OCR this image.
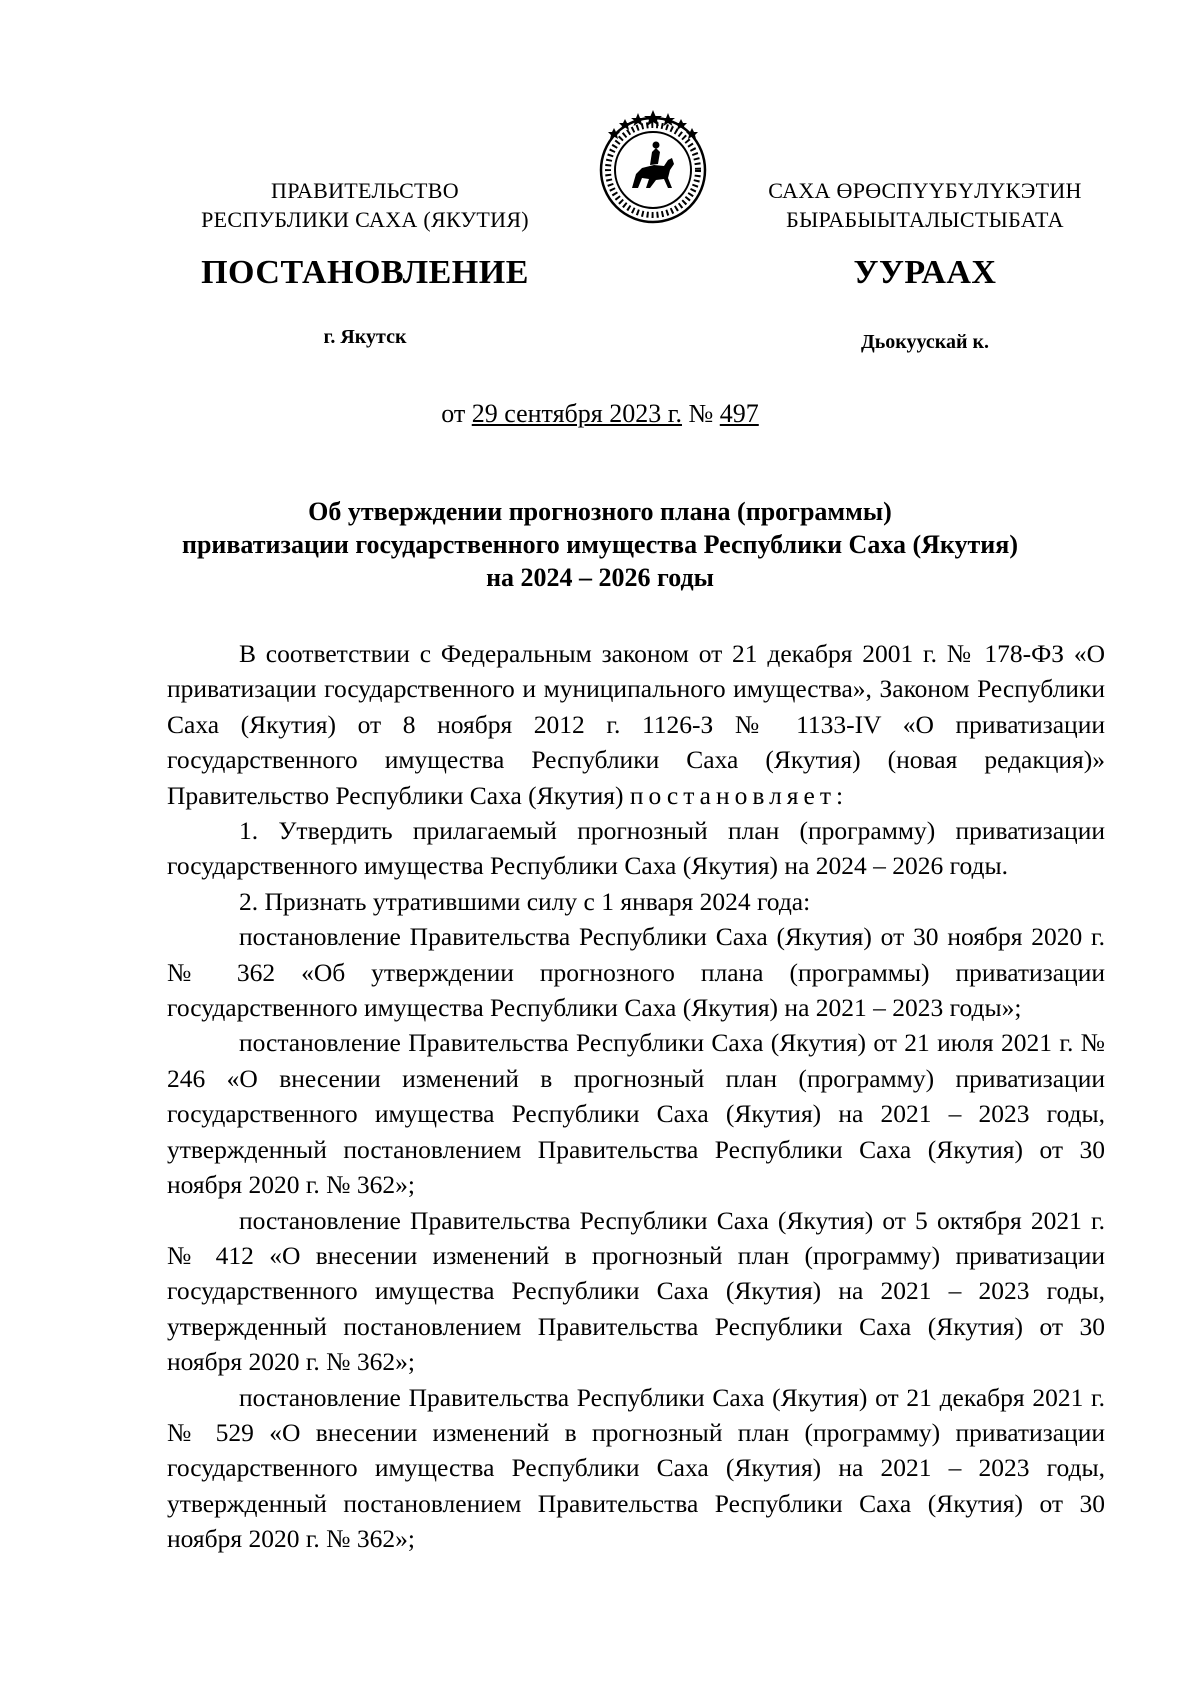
ПРАВИТЕЛЬСТВО
РЕСПУБЛИКИ САХА (ЯКУТИЯ)
САХА ӨРӨСПҮҮБҮЛҮКЭТИН
БЫРАБЫЫТАЛЫСТЫБАТА
ПОСТАНОВЛЕНИЕ	УУРААХ
г. Якутск	Дьокуускай к.
от 29 сентября 2023 г. № 497
Об утверждении прогнозного плана (программы)
приватизации государственного имущества Республики Саха (Якутия)
на 2024 – 2026 годы

В соответствии с Федеральным законом от 21 декабря 2001 г. № 178-ФЗ «О приватизации государственного и муниципального имущества», Законом Республики Саха (Якутия) от 8 ноября 2012 г. 1126-З № 1133-IV «О приватизации государственного имущества Республики Саха (Якутия) (новая редакция)» Правительство Республики Саха (Якутия) постановляет:

1. Утвердить прилагаемый прогнозный план (программу) приватизации государственного имущества Республики Саха (Якутия) на 2024 – 2026 годы.

2. Признать утратившими силу с 1 января 2024 года:

постановление Правительства Республики Саха (Якутия) от 30 ноября 2020 г. № 362 «Об утверждении прогнозного плана (программы) приватизации государственного имущества Республики Саха (Якутия) на 2021 – 2023 годы»;

постановление Правительства Республики Саха (Якутия) от 21 июля 2021 г. № 246 «О внесении изменений в прогнозный план (программу) приватизации государственного имущества Республики Саха (Якутия) на 2021 – 2023 годы, утвержденный постановлением Правительства Республики Саха (Якутия) от 30 ноября 2020 г. № 362»;

постановление Правительства Республики Саха (Якутия) от 5 октября 2021 г. № 412 «О внесении изменений в прогнозный план (программу) приватизации государственного имущества Республики Саха (Якутия) на 2021 – 2023 годы, утвержденный постановлением Правительства Республики Саха (Якутия) от 30 ноября 2020 г. № 362»;

постановление Правительства Республики Саха (Якутия) от 21 декабря 2021 г. № 529 «О внесении изменений в прогнозный план (программу) приватизации государственного имущества Республики Саха (Якутия) на 2021 – 2023 годы, утвержденный постановлением Правительства Республики Саха (Якутия) от 30 ноября 2020 г. № 362»;
